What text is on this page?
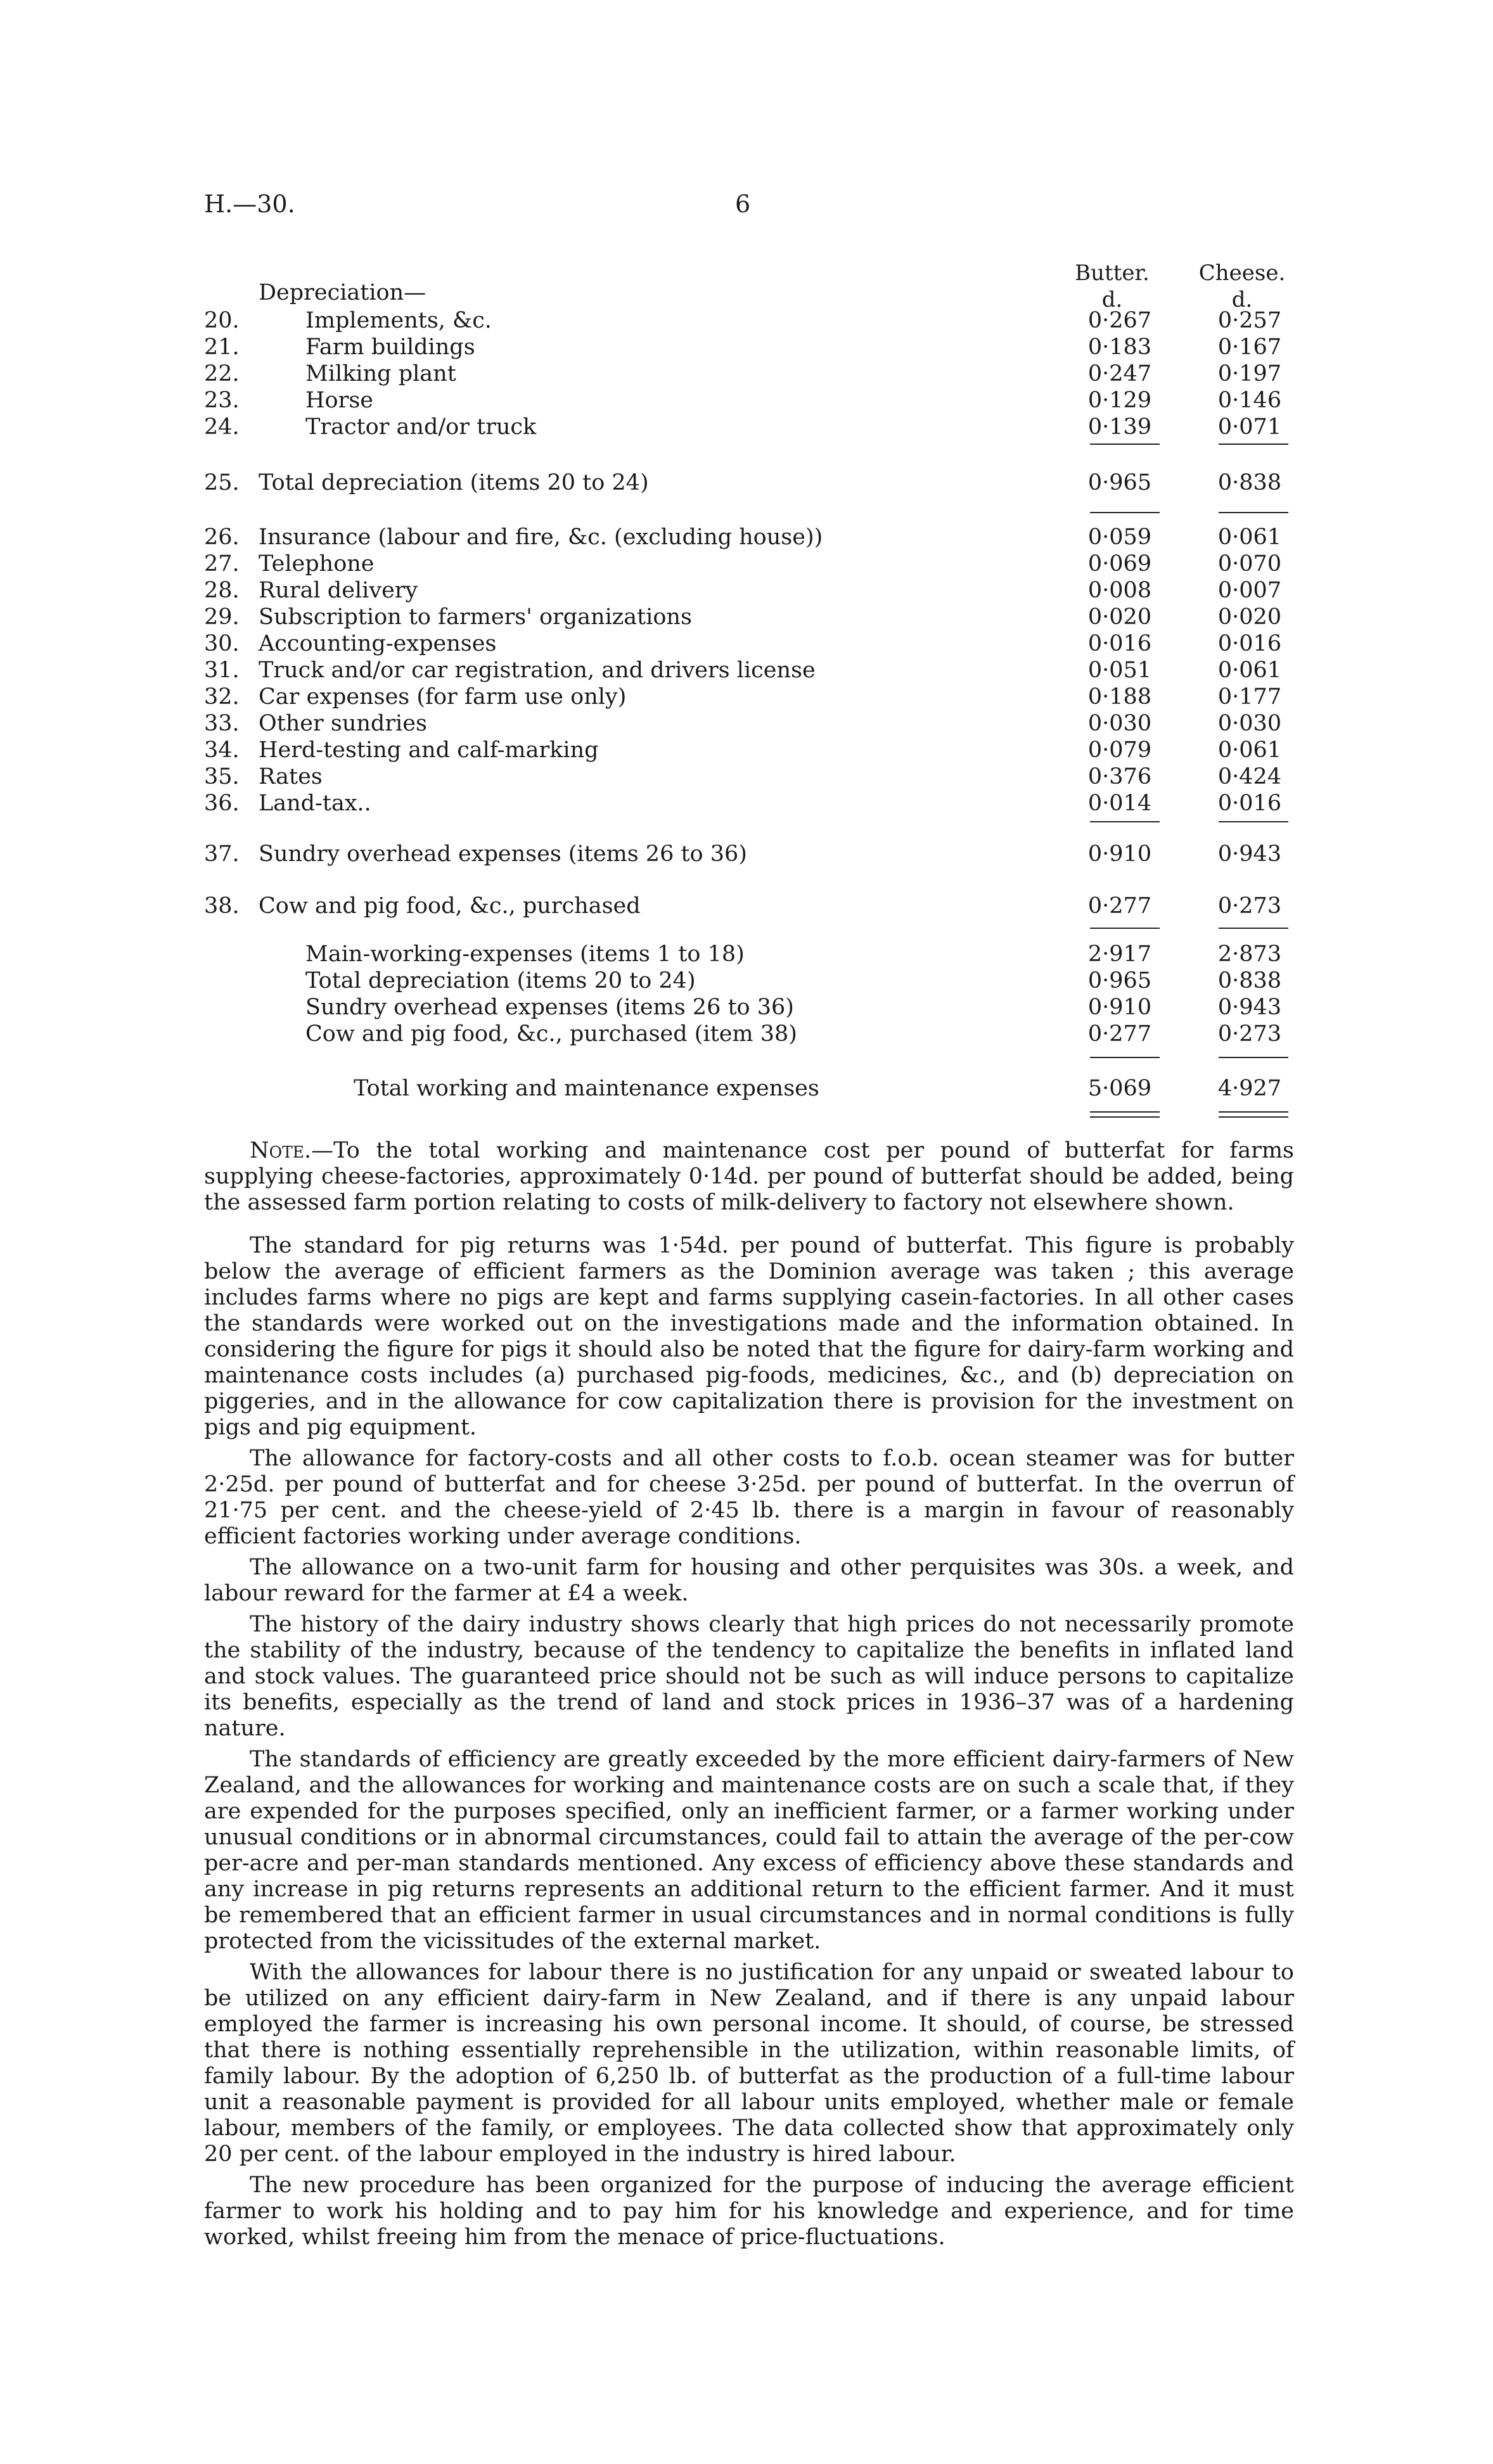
H.—30.	6
Butter.	Cheese.
d.	d.
Depreciation—
20.	Implements, &c.	0·267	0·257
21.	Farm buildings	0·183	0·167
22.	Milking plant	0·247	0·197
23.	Horse	0·129	0·146
24.	Tractor and/or truck	0·139	0·071
25. Total depreciation (items 20 to 24)	0·965	0·838
26. Insurance (labour and fire, &c. (excluding house))	0·059	0·061
27. Telephone	0·069	0·070
28. Rural delivery	0·008	0·007
29. Subscription to farmers' organizations	0·020	0·020
30. Accounting-expenses	0·016	0·016
31. Truck and/or car registration, and drivers license	0·051	0·061
32. Car expenses (for farm use only)	0·188	0·177
33. Other sundries	0·030	0·030
34. Herd-testing and calf-marking	0·079	0·061
35. Rates	0·376	0·424
36. Land-tax..	0·014	0·016
37. Sundry overhead expenses (items 26 to 36)	0·910	0·943
38. Cow and pig food, &c., purchased	0·277	0·273
Main-working-expenses (items 1 to 18)	2·917	2·873
Total depreciation (items 20 to 24)	0·965	0·838
Sundry overhead expenses (items 26 to 36)	0·910	0·943
Cow and pig food, &c., purchased (item 38)	0·277	0·273
Total working and maintenance expenses	5·069	4·927

Note.—To the total working and maintenance cost per pound of butterfat for farms supplying cheese-factories, approximately 0·14d. per pound of butterfat should be added, being the assessed farm portion relating to costs of milk-delivery to factory not elsewhere shown.

The standard for pig returns was 1·54d. per pound of butterfat. This figure is probably below the average of efficient farmers as the Dominion average was taken ; this average includes farms where no pigs are kept and farms supplying casein-factories. In all other cases the standards were worked out on the investigations made and the information obtained. In considering the figure for pigs it should also be noted that the figure for dairy-farm working and maintenance costs includes (a) purchased pig-foods, medicines, &c., and (b) depreciation on piggeries, and in the allowance for cow capitalization there is provision for the investment on pigs and pig equipment.

The allowance for factory-costs and all other costs to f.o.b. ocean steamer was for butter 2·25d. per pound of butterfat and for cheese 3·25d. per pound of butterfat. In the overrun of 21·75 per cent. and the cheese-yield of 2·45 lb. there is a margin in favour of reasonably efficient factories working under average conditions.

The allowance on a two-unit farm for housing and other perquisites was 30s. a week, and labour reward for the farmer at £4 a week.

The history of the dairy industry shows clearly that high prices do not necessarily promote the stability of the industry, because of the tendency to capitalize the benefits in inflated land and stock values. The guaranteed price should not be such as will induce persons to capitalize its benefits, especially as the trend of land and stock prices in 1936–37 was of a hardening nature.

The standards of efficiency are greatly exceeded by the more efficient dairy-farmers of New Zealand, and the allowances for working and maintenance costs are on such a scale that, if they are expended for the purposes specified, only an inefficient farmer, or a farmer working under unusual conditions or in abnormal circumstances, could fail to attain the average of the per-cow per-acre and per-man standards mentioned. Any excess of efficiency above these standards and any increase in pig returns represents an additional return to the efficient farmer. And it must be remembered that an efficient farmer in usual circumstances and in normal conditions is fully protected from the vicissitudes of the external market.

With the allowances for labour there is no justification for any unpaid or sweated labour to be utilized on any efficient dairy-farm in New Zealand, and if there is any unpaid labour employed the farmer is increasing his own personal income. It should, of course, be stressed that there is nothing essentially reprehensible in the utilization, within reasonable limits, of family labour. By the adoption of 6,250 lb. of butterfat as the production of a full-time labour unit a reasonable payment is provided for all labour units employed, whether male or female labour, members of the family, or employees. The data collected show that approximately only 20 per cent. of the labour employed in the industry is hired labour.

The new procedure has been organized for the purpose of inducing the average efficient farmer to work his holding and to pay him for his knowledge and experience, and for time worked, whilst freeing him from the menace of price-fluctuations.
